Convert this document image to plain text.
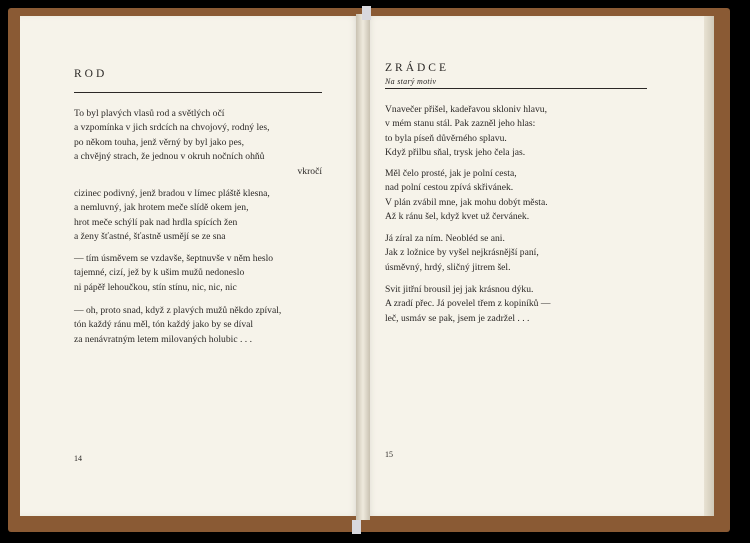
ROD
To byl plavých vlasů rod a světlých očí
a vzpomínka v jich srdcích na chvojový, rodný les,
po někom touha, jenž věrný by byl jako pes,
a chvějný strach, že jednou v okruh nočních ohňů
vkročí
cizinec podivný, jenž bradou v límec pláště klesna,
a nemluvný, jak hrotem meče slídě okem jen,
hrot meče schýlí pak nad hrdla spících žen
a ženy šťastné, šťastně usmějí se ze sna
— tím úsměvem se vzdavše, šeptnuvše v něm heslo
tajemné, cizí, jež by k ušim mužů nedoneslo
ni pápěř lehoučkou, stín stínu, nic, nic, nic
— oh, proto snad, když z plavých mužů někdo zpíval,
tón každý ránu měl, tón každý jako by se díval
za nenávratným letem milovaných holubic . . .
14
ZRÁDCE
Na starý motiv
Vnavečer přišel, kadeřavou skloniv hlavu,
v mém stanu stál. Pak zazněl jeho hlas:
to byla píseň důvěrného splavu.
Když přilbu sňal, trysk jeho čela jas.
Měl čelo prosté, jak je polní cesta,
nad polní cestou zpívá skřivánek.
V plán zvábil mne, jak mohu dobýt města.
Až k ránu šel, když kvet už červánek.
Já zíral za ním. Neobléd se ani.
Jak z ložnice by vyšel nejkrásnější paní,
úsměvný, hrdý, sličný jitrem šel.
Svit jitřní brousil jej jak krásnou dýku.
A zradí přec. Já povelel třem z kopiníků —
leč, usmáv se pak, jsem je zadržel . . .
15
